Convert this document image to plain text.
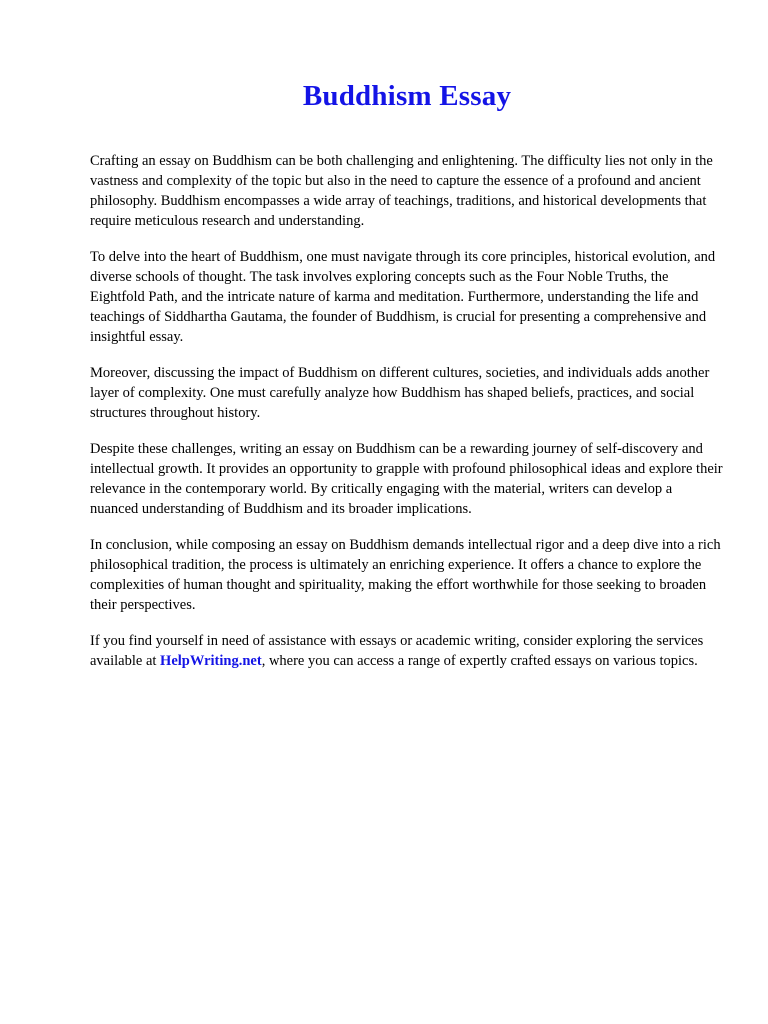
Buddhism Essay

Crafting an essay on Buddhism can be both challenging and enlightening. The difficulty lies not only in the vastness and complexity of the topic but also in the need to capture the essence of a profound and ancient philosophy. Buddhism encompasses a wide array of teachings, traditions, and historical developments that require meticulous research and understanding.

To delve into the heart of Buddhism, one must navigate through its core principles, historical evolution, and diverse schools of thought. The task involves exploring concepts such as the Four Noble Truths, the Eightfold Path, and the intricate nature of karma and meditation. Furthermore, understanding the life and teachings of Siddhartha Gautama, the founder of Buddhism, is crucial for presenting a comprehensive and insightful essay.

Moreover, discussing the impact of Buddhism on different cultures, societies, and individuals adds another layer of complexity. One must carefully analyze how Buddhism has shaped beliefs, practices, and social structures throughout history.

Despite these challenges, writing an essay on Buddhism can be a rewarding journey of self-discovery and intellectual growth. It provides an opportunity to grapple with profound philosophical ideas and explore their relevance in the contemporary world. By critically engaging with the material, writers can develop a nuanced understanding of Buddhism and its broader implications.

In conclusion, while composing an essay on Buddhism demands intellectual rigor and a deep dive into a rich philosophical tradition, the process is ultimately an enriching experience. It offers a chance to explore the complexities of human thought and spirituality, making the effort worthwhile for those seeking to broaden their perspectives.

If you find yourself in need of assistance with essays or academic writing, consider exploring the services available at HelpWriting.net, where you can access a range of expertly crafted essays on various topics.
